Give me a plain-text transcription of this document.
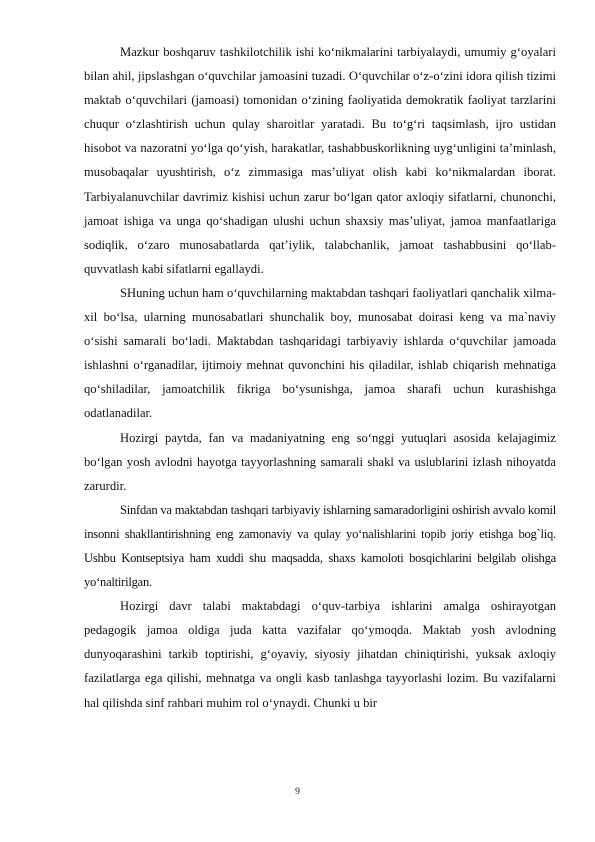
Mazkur boshqaruv tashkilotchilik ishi ko‘nikmalarini tarbiyalaydi, umumiy g‘oyalari bilan ahil, jipslashgan o‘quvchilar jamoasini tuzadi. O‘quvchilar o‘z-o‘zini idora qilish tizimi maktab o‘quvchilari (jamoasi) tomonidan o‘zining faoliyatida demokratik faoliyat tarzlarini chuqur o‘zlashtirish uchun qulay sharoitlar yaratadi. Bu to‘g‘ri taqsimlash, ijro ustidan hisobot va nazoratni yo‘lga qo‘yish, harakatlar, tashabbuskorlikning uyg‘unligini ta’minlash, musobaqalar uyushtirish, o‘z zimmasiga mas’uliyat olish kabi ko‘nikmalardan iborat. Tarbiyalanuvchilar davrimiz kishisi uchun zarur bo‘lgan qator axloqiy sifatlarni, chunonchi, jamoat ishiga va unga qo‘shadigan ulushi uchun shaxsiy mas’uliyat, jamoa manfaatlariga sodiqlik, o‘zaro munosabatlarda qat’iylik, talabchanlik, jamoat tashabbusini qo‘llab-quvvatlash kabi sifatlarni egallaydi.

SHuning uchun ham o‘quvchilarning maktabdan tashqari faoliyatlari qanchalik xilma-xil bo‘lsa, ularning munosabatlari shunchalik boy, munosabat doirasi keng va ma`naviy o‘sishi samarali bo‘ladi. Maktabdan tashqaridagi tarbiyaviy ishlarda o‘quvchilar jamoada ishlashni o‘rganadilar, ijtimoiy mehnat quvonchini his qiladilar, ishlab chiqarish mehnatiga qo‘shiladilar, jamoatchilik fikriga bo‘ysunishga, jamoa sharafi uchun kurashishga odatlanadilar.

Hozirgi paytda, fan va madaniyatning eng so‘nggi yutuqlari asosida kelajagimiz bo‘lgan yosh avlodni hayotga tayyorlashning samarali shakl va uslublarini izlash nihoyatda zarurdir.

Sinfdan va maktabdan tashqari tarbiyaviy ishlarning samaradorligini oshirish avvalo komil insonni shakllantirishning eng zamonaviy va qulay yo‘nalishlarini topib joriy etishga bog`liq. Ushbu Kontseptsiya ham xuddi shu maqsadda, shaxs kamoloti bosqichlarini belgilab olishga yo‘naltirilgan.

Hozirgi davr talabi maktabdagi o‘quv-tarbiya ishlarini amalga oshirayotgan pedagogik jamoa oldiga juda katta vazifalar qo‘ymoqda. Maktab yosh avlodning dunyoqarashini tarkib toptirishi, g‘oyaviy, siyosiy jihatdan chiniqtirishi, yuksak axloqiy fazilatlarga ega qilishi, mehnatga va ongli kasb tanlashga tayyorlashi lozim. Bu vazifalarni hal qilishda sinf rahbari muhim rol o‘ynaydi. Chunki u bir

9
